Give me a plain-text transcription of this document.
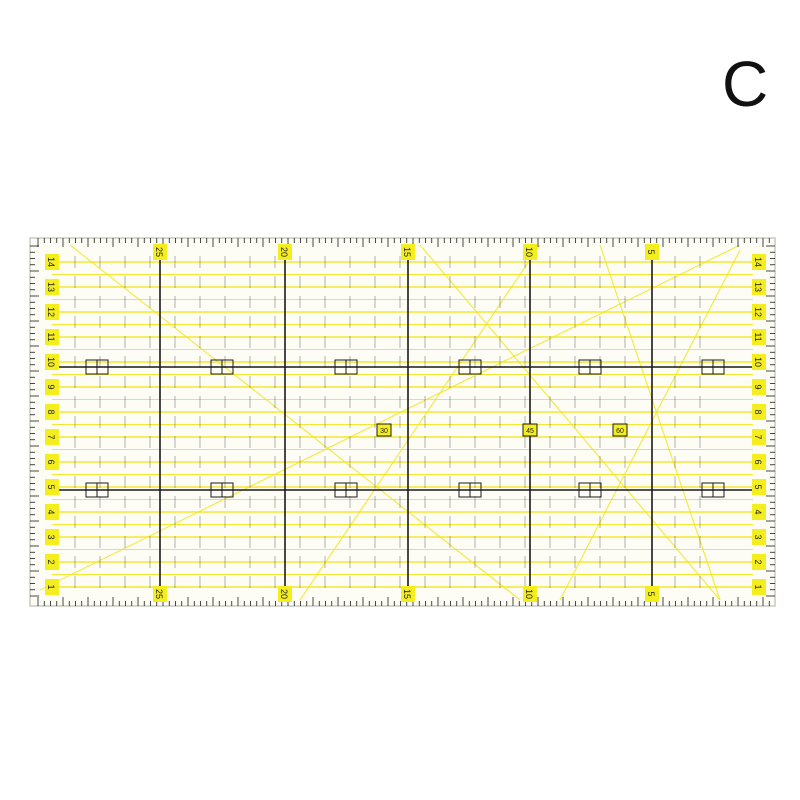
C
25	20	15	10	5
25	20	15	10	5
14
13
12
11
10
9
8
7
6
5
4
3
2
1
14
13
12
11
10
9
8
7
6
5
4
3
2
1
30	45	60
